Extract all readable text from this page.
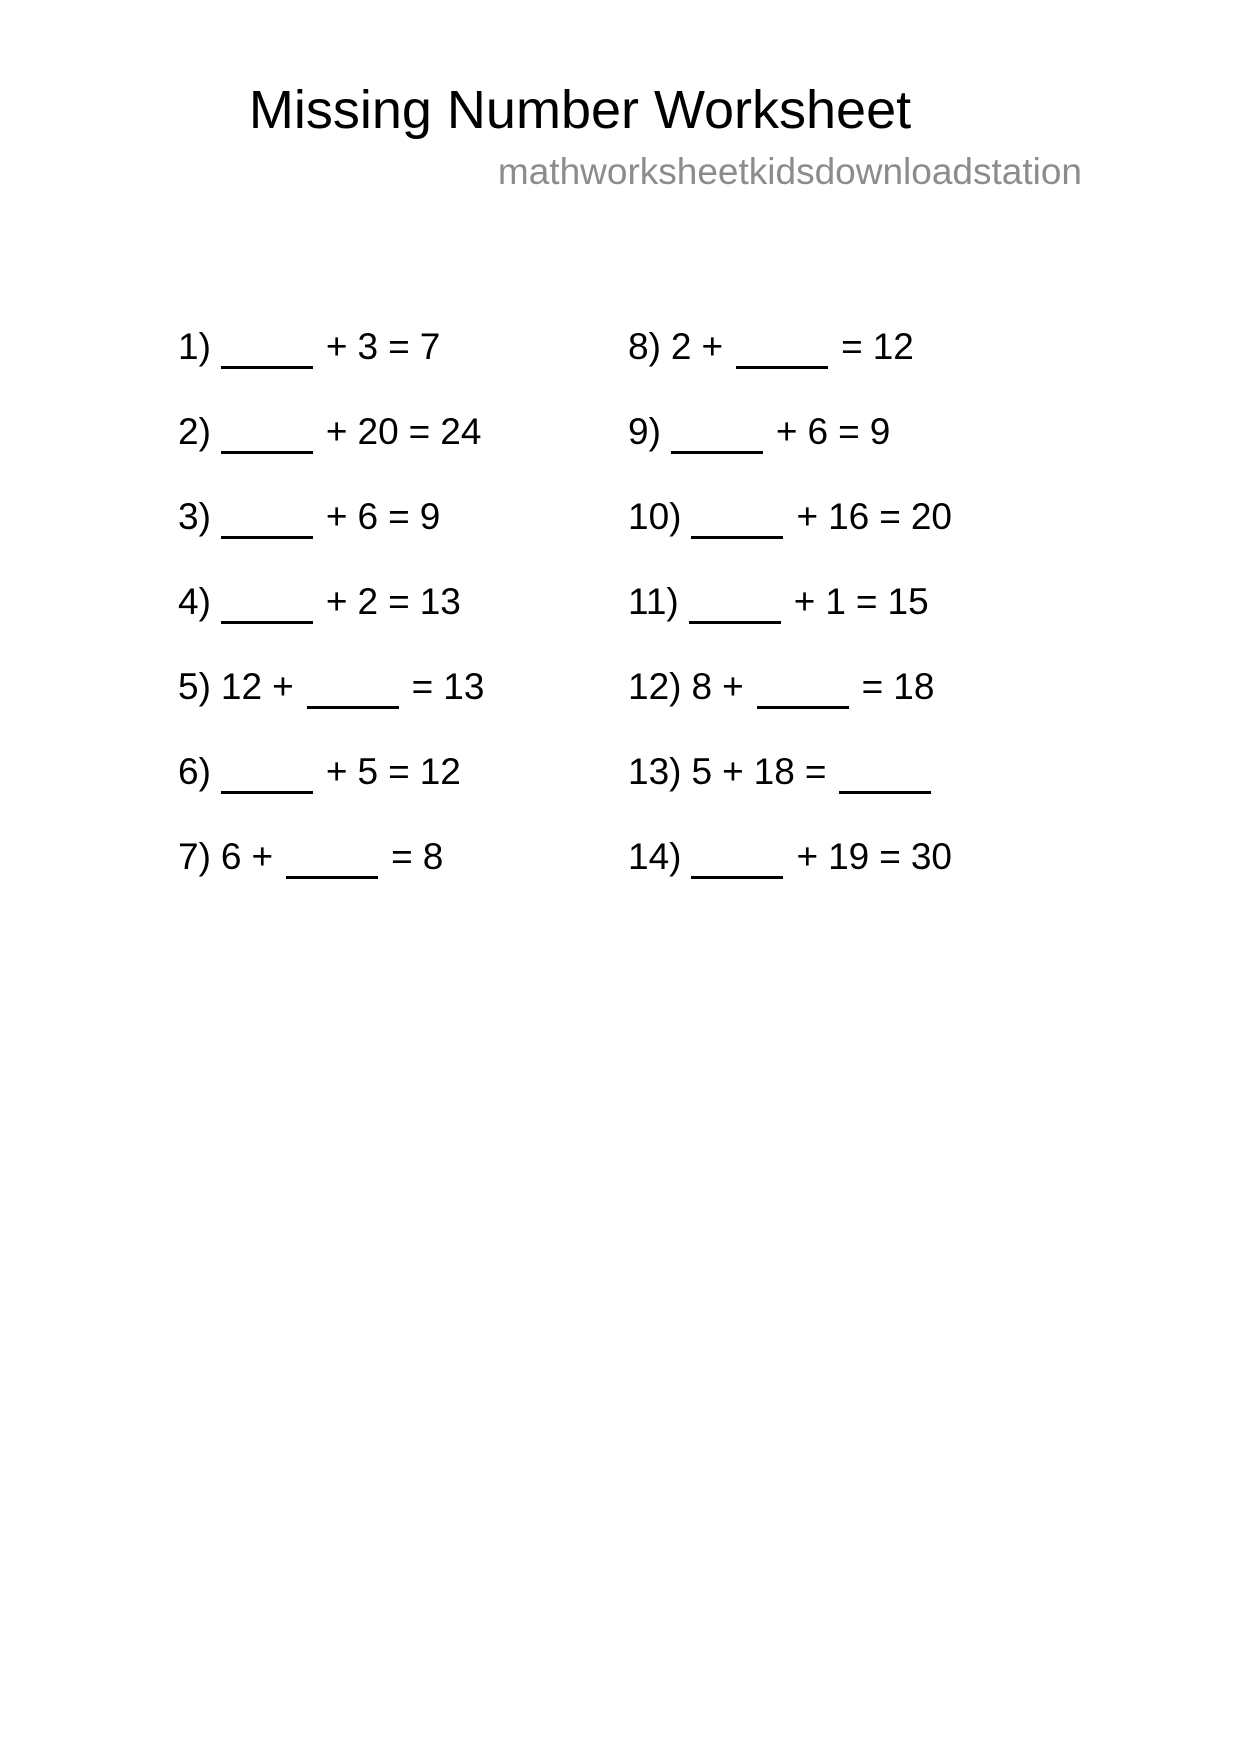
Missing Number Worksheet
mathworksheetkidsdownloadstation
1)	+ 3 = 7
2)	+ 20 = 24
3)	+ 6 = 9
4)	+ 2 = 13
5) 12 +	= 13
6)	+ 5 = 12
7) 6 +	= 8
8) 2 +	= 12
9)	+ 6 = 9
10)	+ 16 = 20
11)	+ 1 = 15
12) 8 +	= 18
13) 5 + 18 =
14)	+ 19 = 30
